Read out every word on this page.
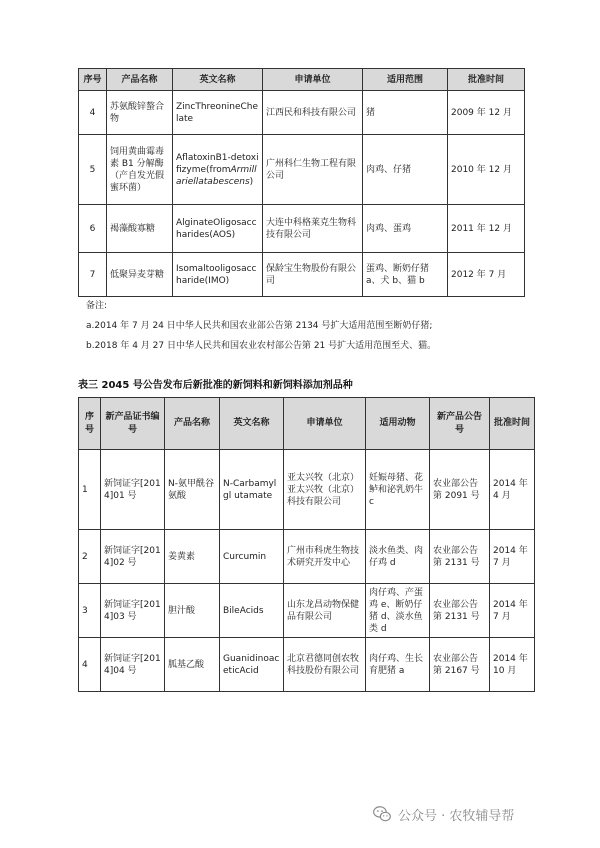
序号	产品名称	英文名称	申请单位	适用范围	批准时间
4	苏氨酸锌螯合物	ZincThreonineChelate	江西民和科技有限公司	猪	2009 年 12 月
5	饲用黄曲霉毒素 B1 分解酶（产自发光假蜜环菌）	AflatoxinB1-detoxifizyme(fromArmillariellatabescens)	广州科仁生物工程有限公司	肉鸡、仔猪	2010 年 12 月
6	褐藻酸寡糖	AlginateOligosaccharides(AOS)	大连中科格莱克生物科技有限公司	肉鸡、蛋鸡	2011 年 12 月
7	低聚异麦芽糖	Isomaltooligosaccharide(IMO)	保龄宝生物股份有限公司	蛋鸡、断奶仔猪 a、犬 b、猫 b	2012 年 7 月
备注:
a.2014 年 7 月 24 日中华人民共和国农业部公告第 2134 号扩大适用范围至断奶仔猪;
b.2018 年 4 月 27 日中华人民共和国农业农村部公告第 21 号扩大适用范围至犬、猫。
表三 2045 号公告发布后新批准的新饲料和新饲料添加剂品种
序号	新产品证书编号	产品名称	英文名称	申请单位	适用动物	新产品公告号	批准时间
1	新饲证字[2014]01 号	N-氨甲酰谷氨酸	N-Carbamylgl utamate	亚太兴牧（北京）亚太兴牧（北京）科技有限公司	妊娠母猪、花鲈和泌乳奶牛 c	农业部公告第 2091 号	2014 年 4 月
2	新饲证字[2014]02 号	姜黄素	Curcumin	广州市科虎生物技术研究开发中心	淡水鱼类、肉仔鸡 d	农业部公告第 2131 号	2014 年 7 月
3	新饲证字[2014]03 号	胆汁酸	BileAcids	山东龙昌动物保健品有限公司	肉仔鸡、产蛋鸡 e、断奶仔猪 d、淡水鱼类 d	农业部公告第 2131 号	2014 年 7 月
4	新饲证字[2014]04 号	胍基乙酸	GuanidinoaceticAcid	北京君德同创农牧科技股份有限公司	肉仔鸡、生长育肥猪 a	农业部公告第 2167 号	2014 年 10 月
公众号 · 农牧辅导帮
